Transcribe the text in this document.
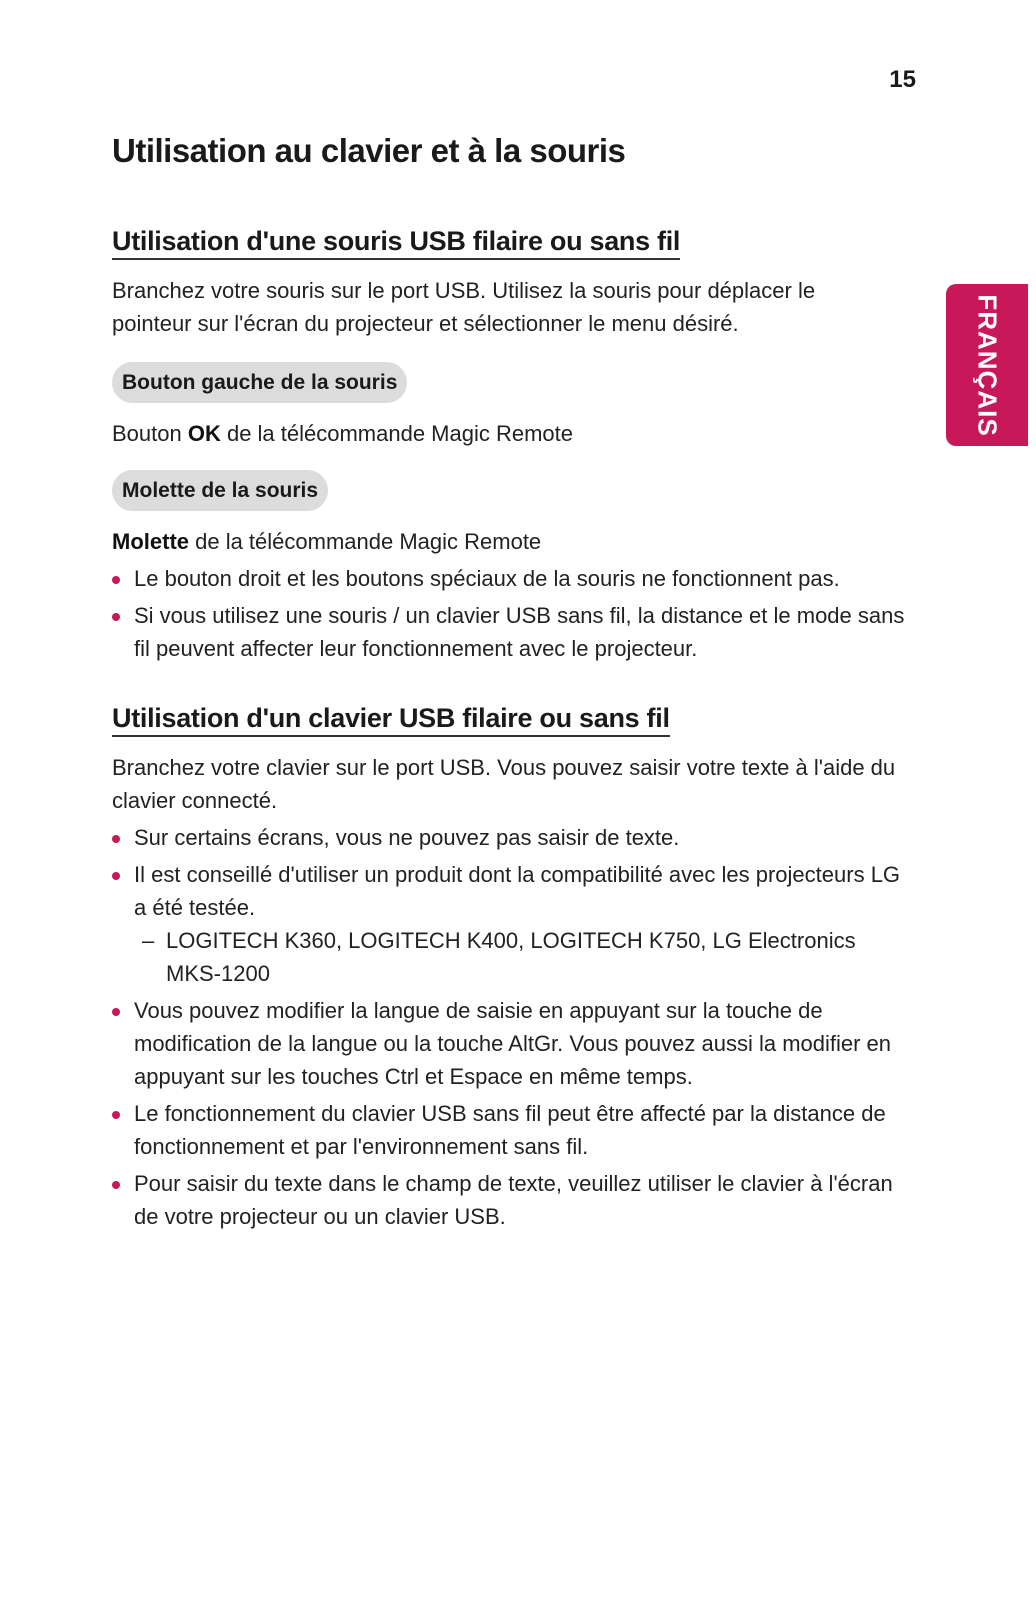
15
FRANÇAIS
Utilisation au clavier et à la souris
Utilisation d'une souris USB filaire ou sans fil

Branchez votre souris sur le port USB. Utilisez la souris pour déplacer le
pointeur sur l'écran du projecteur et sélectionner le menu désiré.

Bouton gauche de la souris

Bouton OK de la télécommande Magic Remote

Molette de la souris

Molette de la télécommande Magic Remote

Le bouton droit et les boutons spéciaux de la souris ne fonctionnent pas.
Si vous utilisez une souris / un clavier USB sans fil, la distance et le mode sans fil peuvent affecter leur fonctionnement avec le projecteur.
Utilisation d'un clavier USB filaire ou sans fil

Branchez votre clavier sur le port USB. Vous pouvez saisir votre texte à l'aide du clavier connecté.

Sur certains écrans, vous ne pouvez pas saisir de texte.
Il est conseillé d'utiliser un produit dont la compatibilité avec les projecteurs LG a été testée.
– LOGITECH K360, LOGITECH K400, LOGITECH K750, LG Electronics MKS-1200
Vous pouvez modifier la langue de saisie en appuyant sur la touche de modification de la langue ou la touche AltGr. Vous pouvez aussi la modifier en appuyant sur les touches Ctrl et Espace en même temps.
Le fonctionnement du clavier USB sans fil peut être affecté par la distance de fonctionnement et par l'environnement sans fil.
Pour saisir du texte dans le champ de texte, veuillez utiliser le clavier à l'écran de votre projecteur ou un clavier USB.
